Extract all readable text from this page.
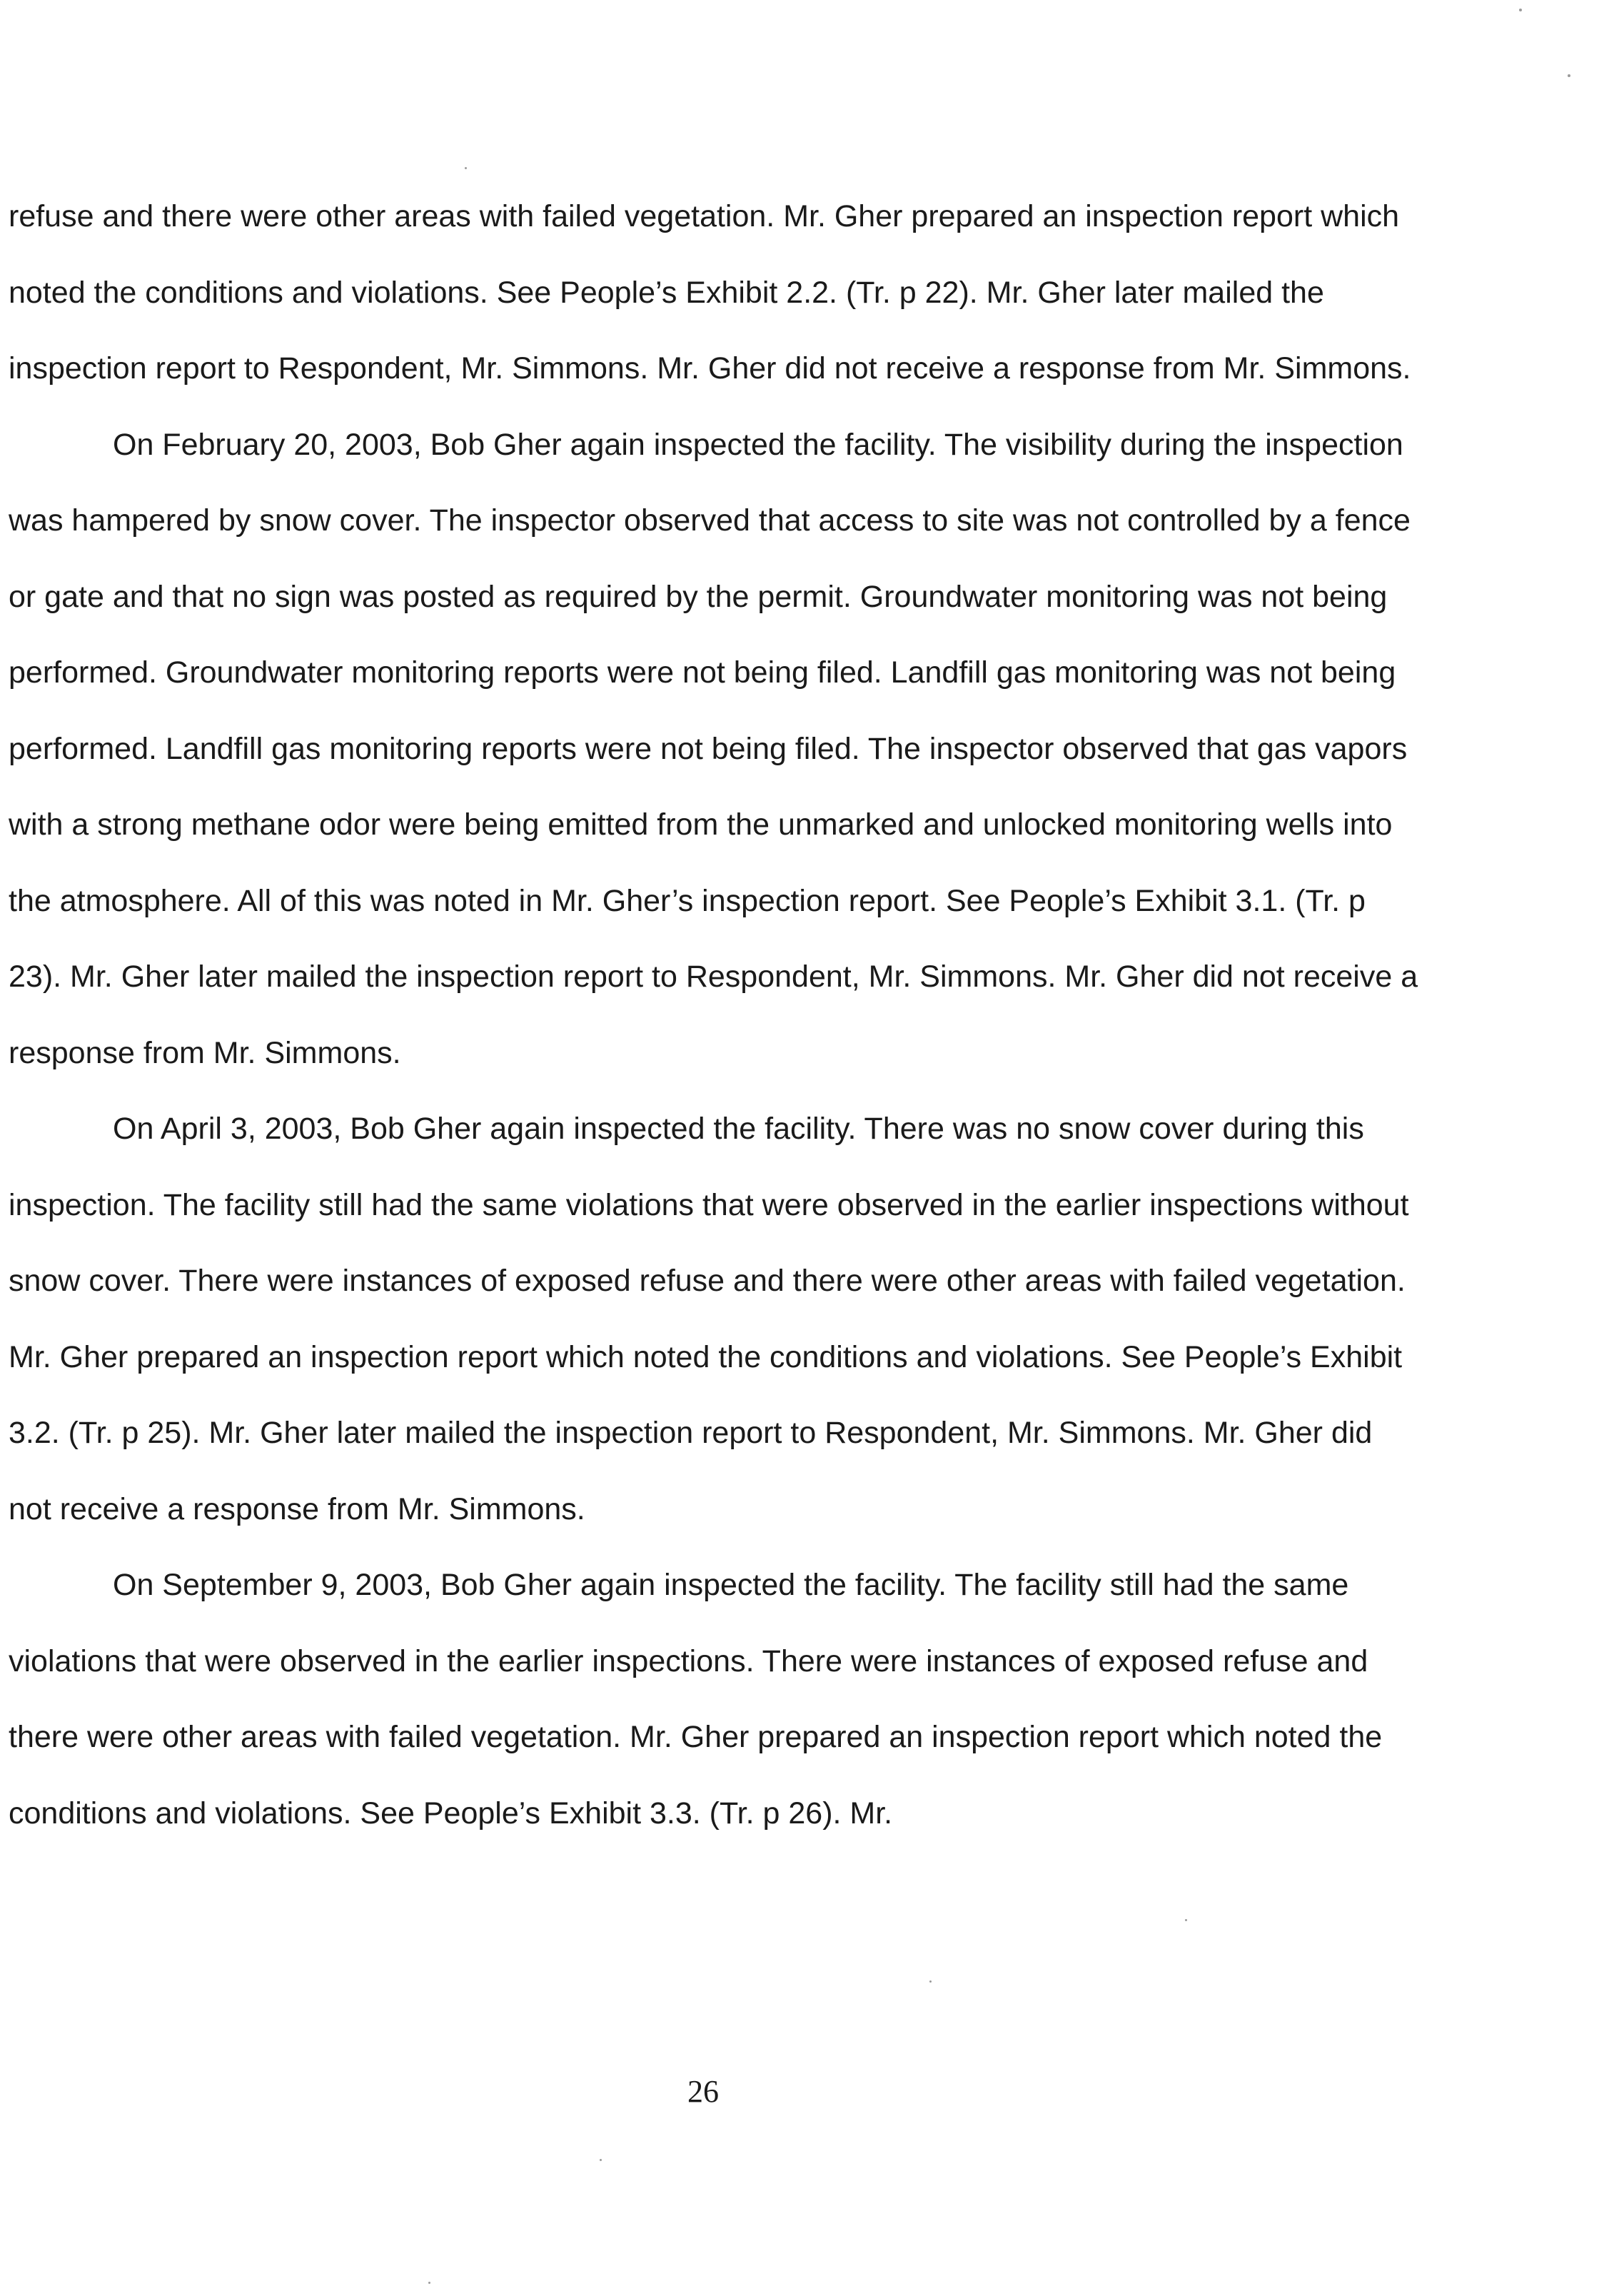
refuse and there were other areas with failed vegetation. Mr. Gher prepared an inspection report which noted the conditions and violations. See People’s Exhibit 2.2. (Tr. p 22). Mr. Gher later mailed the inspection report to Respondent, Mr. Simmons. Mr. Gher did not receive a response from Mr. Simmons.

On February 20, 2003, Bob Gher again inspected the facility. The visibility during the inspection was hampered by snow cover. The inspector observed that access to site was not controlled by a fence or gate and that no sign was posted as required by the permit. Groundwater monitoring was not being performed. Groundwater monitoring reports were not being filed. Landfill gas monitoring was not being performed. Landfill gas monitoring reports were not being filed. The inspector observed that gas vapors with a strong methane odor were being emitted from the unmarked and unlocked monitoring wells into the atmosphere. All of this was noted in Mr. Gher’s inspection report. See People’s Exhibit 3.1. (Tr. p 23). Mr. Gher later mailed the inspection report to Respondent, Mr. Simmons. Mr. Gher did not receive a response from Mr. Simmons.

On April 3, 2003, Bob Gher again inspected the facility. There was no snow cover during this inspection. The facility still had the same violations that were observed in the earlier inspections without snow cover. There were instances of exposed refuse and there were other areas with failed vegetation. Mr. Gher prepared an inspection report which noted the conditions and violations. See People’s Exhibit 3.2. (Tr. p 25). Mr. Gher later mailed the inspection report to Respondent, Mr. Simmons. Mr. Gher did not receive a response from Mr. Simmons.

On September 9, 2003, Bob Gher again inspected the facility. The facility still had the same violations that were observed in the earlier inspections. There were instances of exposed refuse and there were other areas with failed vegetation. Mr. Gher prepared an inspection report which noted the conditions and violations. See People’s Exhibit 3.3. (Tr. p 26). Mr.

26
